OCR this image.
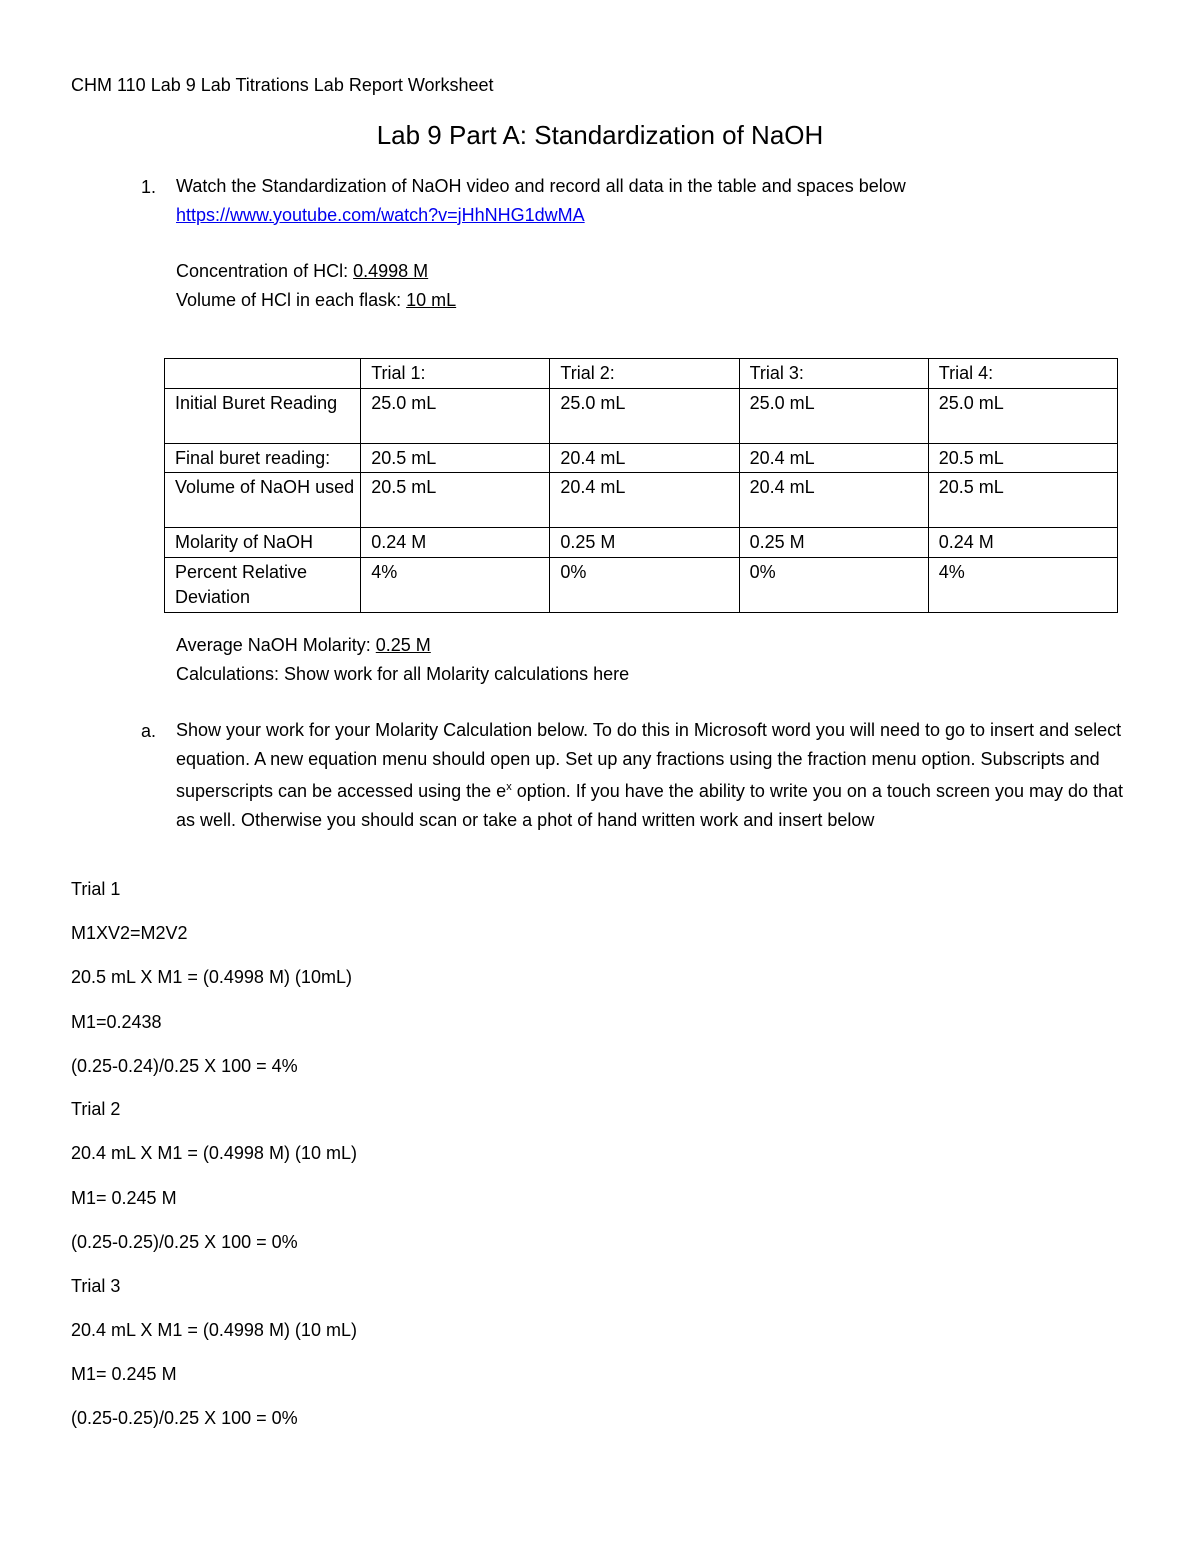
CHM 110 Lab 9 Lab Titrations Lab Report Worksheet
Lab 9 Part A: Standardization of NaOH
1. Watch the Standardization of NaOH video and record all data in the table and spaces below
https://www.youtube.com/watch?v=jHhNHG1dwMA
Concentration of HCl: 0.4998 M
Volume of HCl in each flask: 10 mL
	Trial 1:	Trial 2:	Trial 3:	Trial 4:
Initial Buret Reading	25.0 mL	25.0 mL	25.0 mL	25.0 mL
Final buret reading:	20.5 mL	20.4 mL	20.4 mL	20.5 mL
Volume of NaOH used	20.5 mL	20.4 mL	20.4 mL	20.5 mL
Molarity of NaOH	0.24 M	0.25 M	0.25 M	0.24 M
Percent Relative Deviation	4%	0%	0%	4%
Average NaOH Molarity: 0.25 M
Calculations: Show work for all Molarity calculations here
a. Show your work for your Molarity Calculation below. To do this in Microsoft word you will need to go to insert and select equation. A new equation menu should open up. Set up any fractions using the fraction menu option. Subscripts and superscripts can be accessed using the $e^x$ option. If you have the ability to write you on a touch screen you may do that as well. Otherwise you should scan or take a phot of hand written work and insert below
Trial 1
M1XV2=M2V2
20.5 mL X M1 = (0.4998 M) (10mL)
M1=0.2438
(0.25-0.24)/0.25 X 100 = 4%
Trial 2
20.4 mL X M1 = (0.4998 M) (10 mL)
M1= 0.245 M
(0.25-0.25)/0.25 X 100 = 0%
Trial 3
20.4 mL X M1 = (0.4998 M) (10 mL)
M1= 0.245 M
(0.25-0.25)/0.25 X 100 = 0%
